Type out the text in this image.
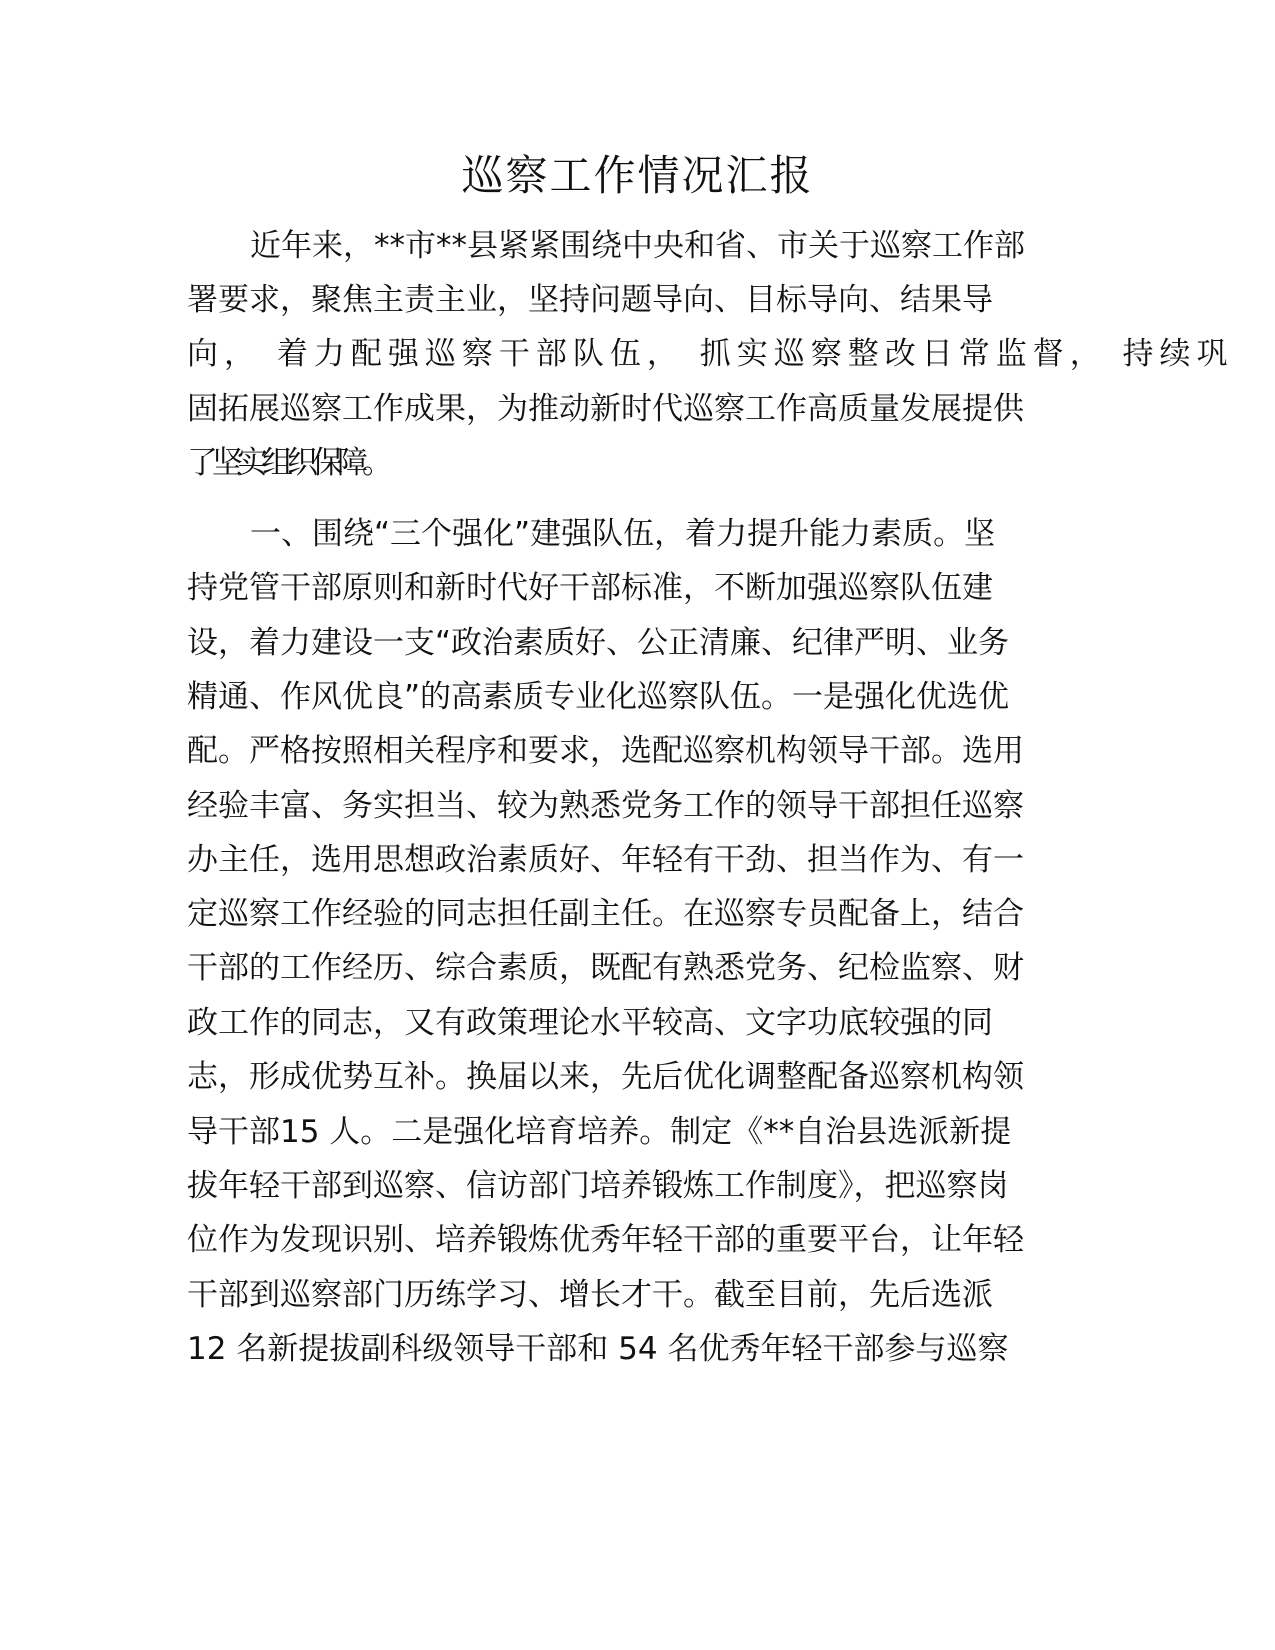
巡察工作情况汇报
近年来，**市**县紧紧围绕中央和省、市关于巡察工作部
署要求，聚焦主责主业，坚持问题导向、目标导向、结果导
向， 着力配强巡察干部队伍， 抓实巡察整改日常监督， 持续巩
固拓展巡察工作成果，为推动新时代巡察工作高质量发展提供
了坚实组织保障。
一、围绕“三个强化”建强队伍，着力提升能力素质。坚
持党管干部原则和新时代好干部标准，不断加强巡察队伍建
设，着力建设一支“政治素质好、公正清廉、纪律严明、业务
精通、作风优良”的高素质专业化巡察队伍。一是强化优选优
配。严格按照相关程序和要求，选配巡察机构领导干部。选用
经验丰富、务实担当、较为熟悉党务工作的领导干部担任巡察
办主任，选用思想政治素质好、年轻有干劲、担当作为、有一
定巡察工作经验的同志担任副主任。在巡察专员配备上，结合
干部的工作经历、综合素质，既配有熟悉党务、纪检监察、财
政工作的同志，又有政策理论水平较高、文字功底较强的同
志，形成优势互补。换届以来，先后优化调整配备巡察机构领
导干部15 人。二是强化培育培养。制定《**自治县选派新提
拔年轻干部到巡察、信访部门培养锻炼工作制度》，把巡察岗
位作为发现识别、培养锻炼优秀年轻干部的重要平台，让年轻
干部到巡察部门历练学习、增长才干。截至目前，先后选派
12 名新提拔副科级领导干部和 54 名优秀年轻干部参与巡察
